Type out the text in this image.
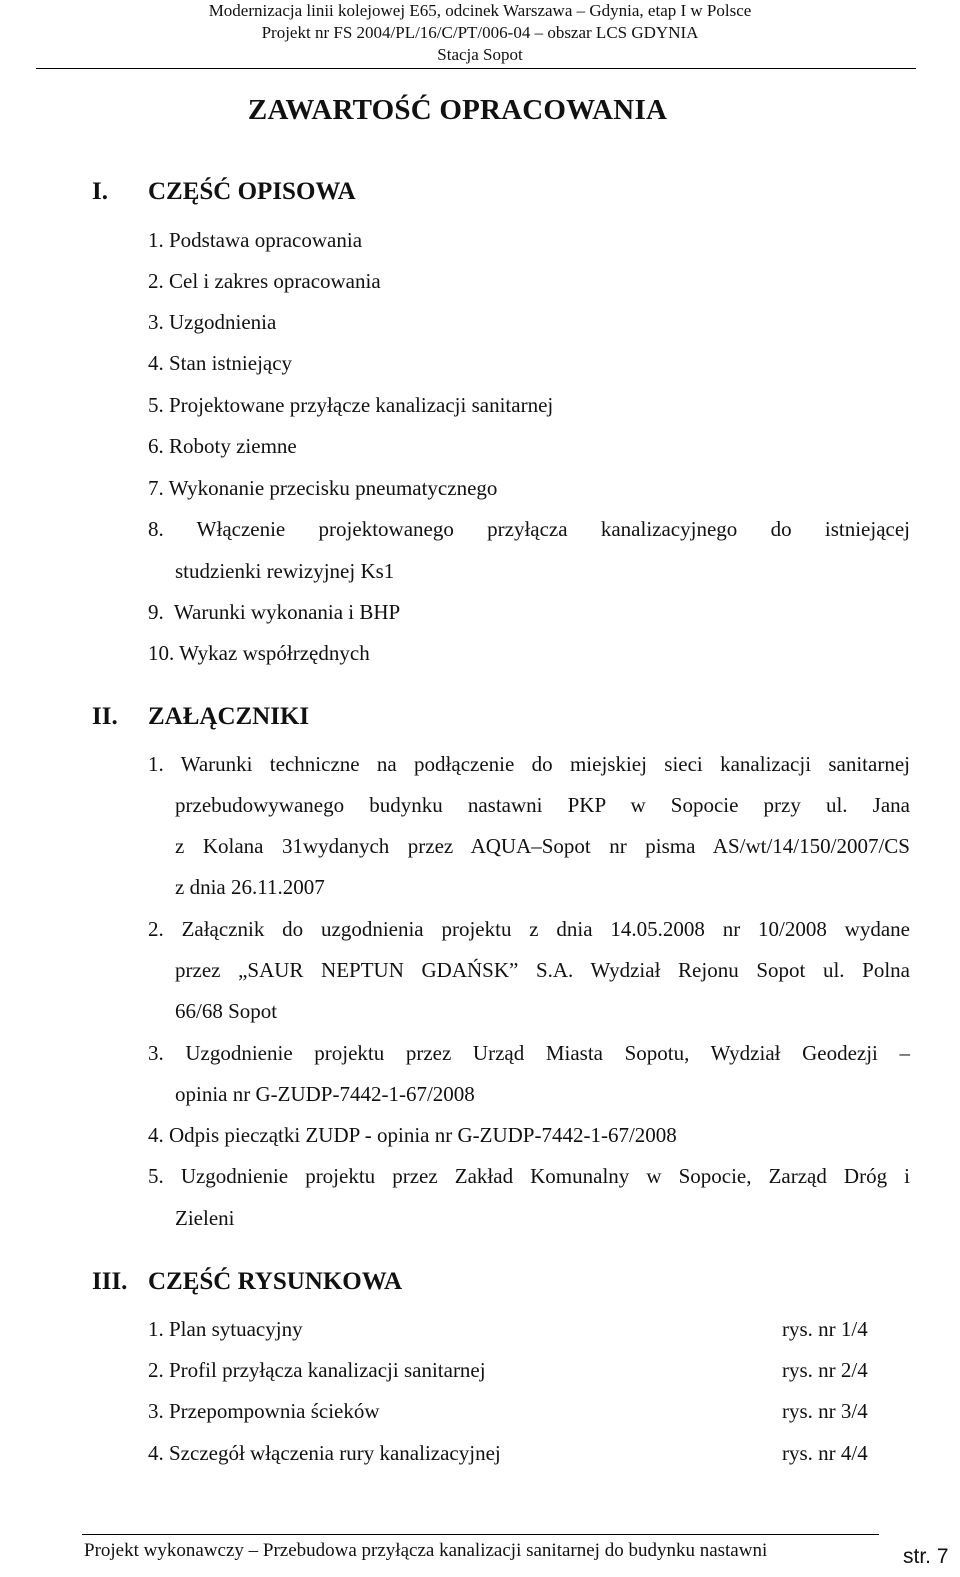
Modernizacja linii kolejowej E65, odcinek Warszawa – Gdynia, etap I w Polsce
Projekt nr FS 2004/PL/16/C/PT/006-04 – obszar LCS GDYNIA
Stacja Sopot
ZAWARTOŚĆ OPRACOWANIA
I. CZĘŚĆ OPISOWA
1. Podstawa opracowania
2. Cel i zakres opracowania
3. Uzgodnienia
4. Stan istniejący
5. Projektowane przyłącze kanalizacji sanitarnej
6. Roboty ziemne
7. Wykonanie przecisku pneumatycznego
8. Włączenie projektowanego przyłącza kanalizacyjnego do istniejącej
studzienki rewizyjnej Ks1
9.  Warunki wykonania i BHP
10. Wykaz współrzędnych
II. ZAŁĄCZNIKI
1. Warunki techniczne na podłączenie do miejskiej sieci kanalizacji sanitarnej
przebudowywanego budynku nastawni PKP w Sopocie przy ul. Jana
z Kolana 31wydanych przez AQUA–Sopot nr pisma AS/wt/14/150/2007/CS
z dnia 26.11.2007
2. Załącznik do uzgodnienia projektu z dnia 14.05.2008 nr 10/2008 wydane
przez „SAUR NEPTUN GDAŃSK” S.A. Wydział Rejonu Sopot ul. Polna
66/68 Sopot
3. Uzgodnienie projektu przez Urząd Miasta Sopotu, Wydział Geodezji –
opinia nr G-ZUDP-7442-1-67/2008
4. Odpis pieczątki ZUDP - opinia nr G-ZUDP-7442-1-67/2008
5. Uzgodnienie projektu przez Zakład Komunalny w Sopocie, Zarząd Dróg i
Zieleni
III. CZĘŚĆ RYSUNKOWA
1. Plan sytuacyjny	rys. nr 1/4
2. Profil przyłącza kanalizacji sanitarnej	rys. nr 2/4
3. Przepompownia ścieków	rys. nr 3/4
4. Szczegół włączenia rury kanalizacyjnej	rys. nr 4/4
Projekt wykonawczy – Przebudowa przyłącza kanalizacji sanitarnej do budynku nastawni	str. 7
